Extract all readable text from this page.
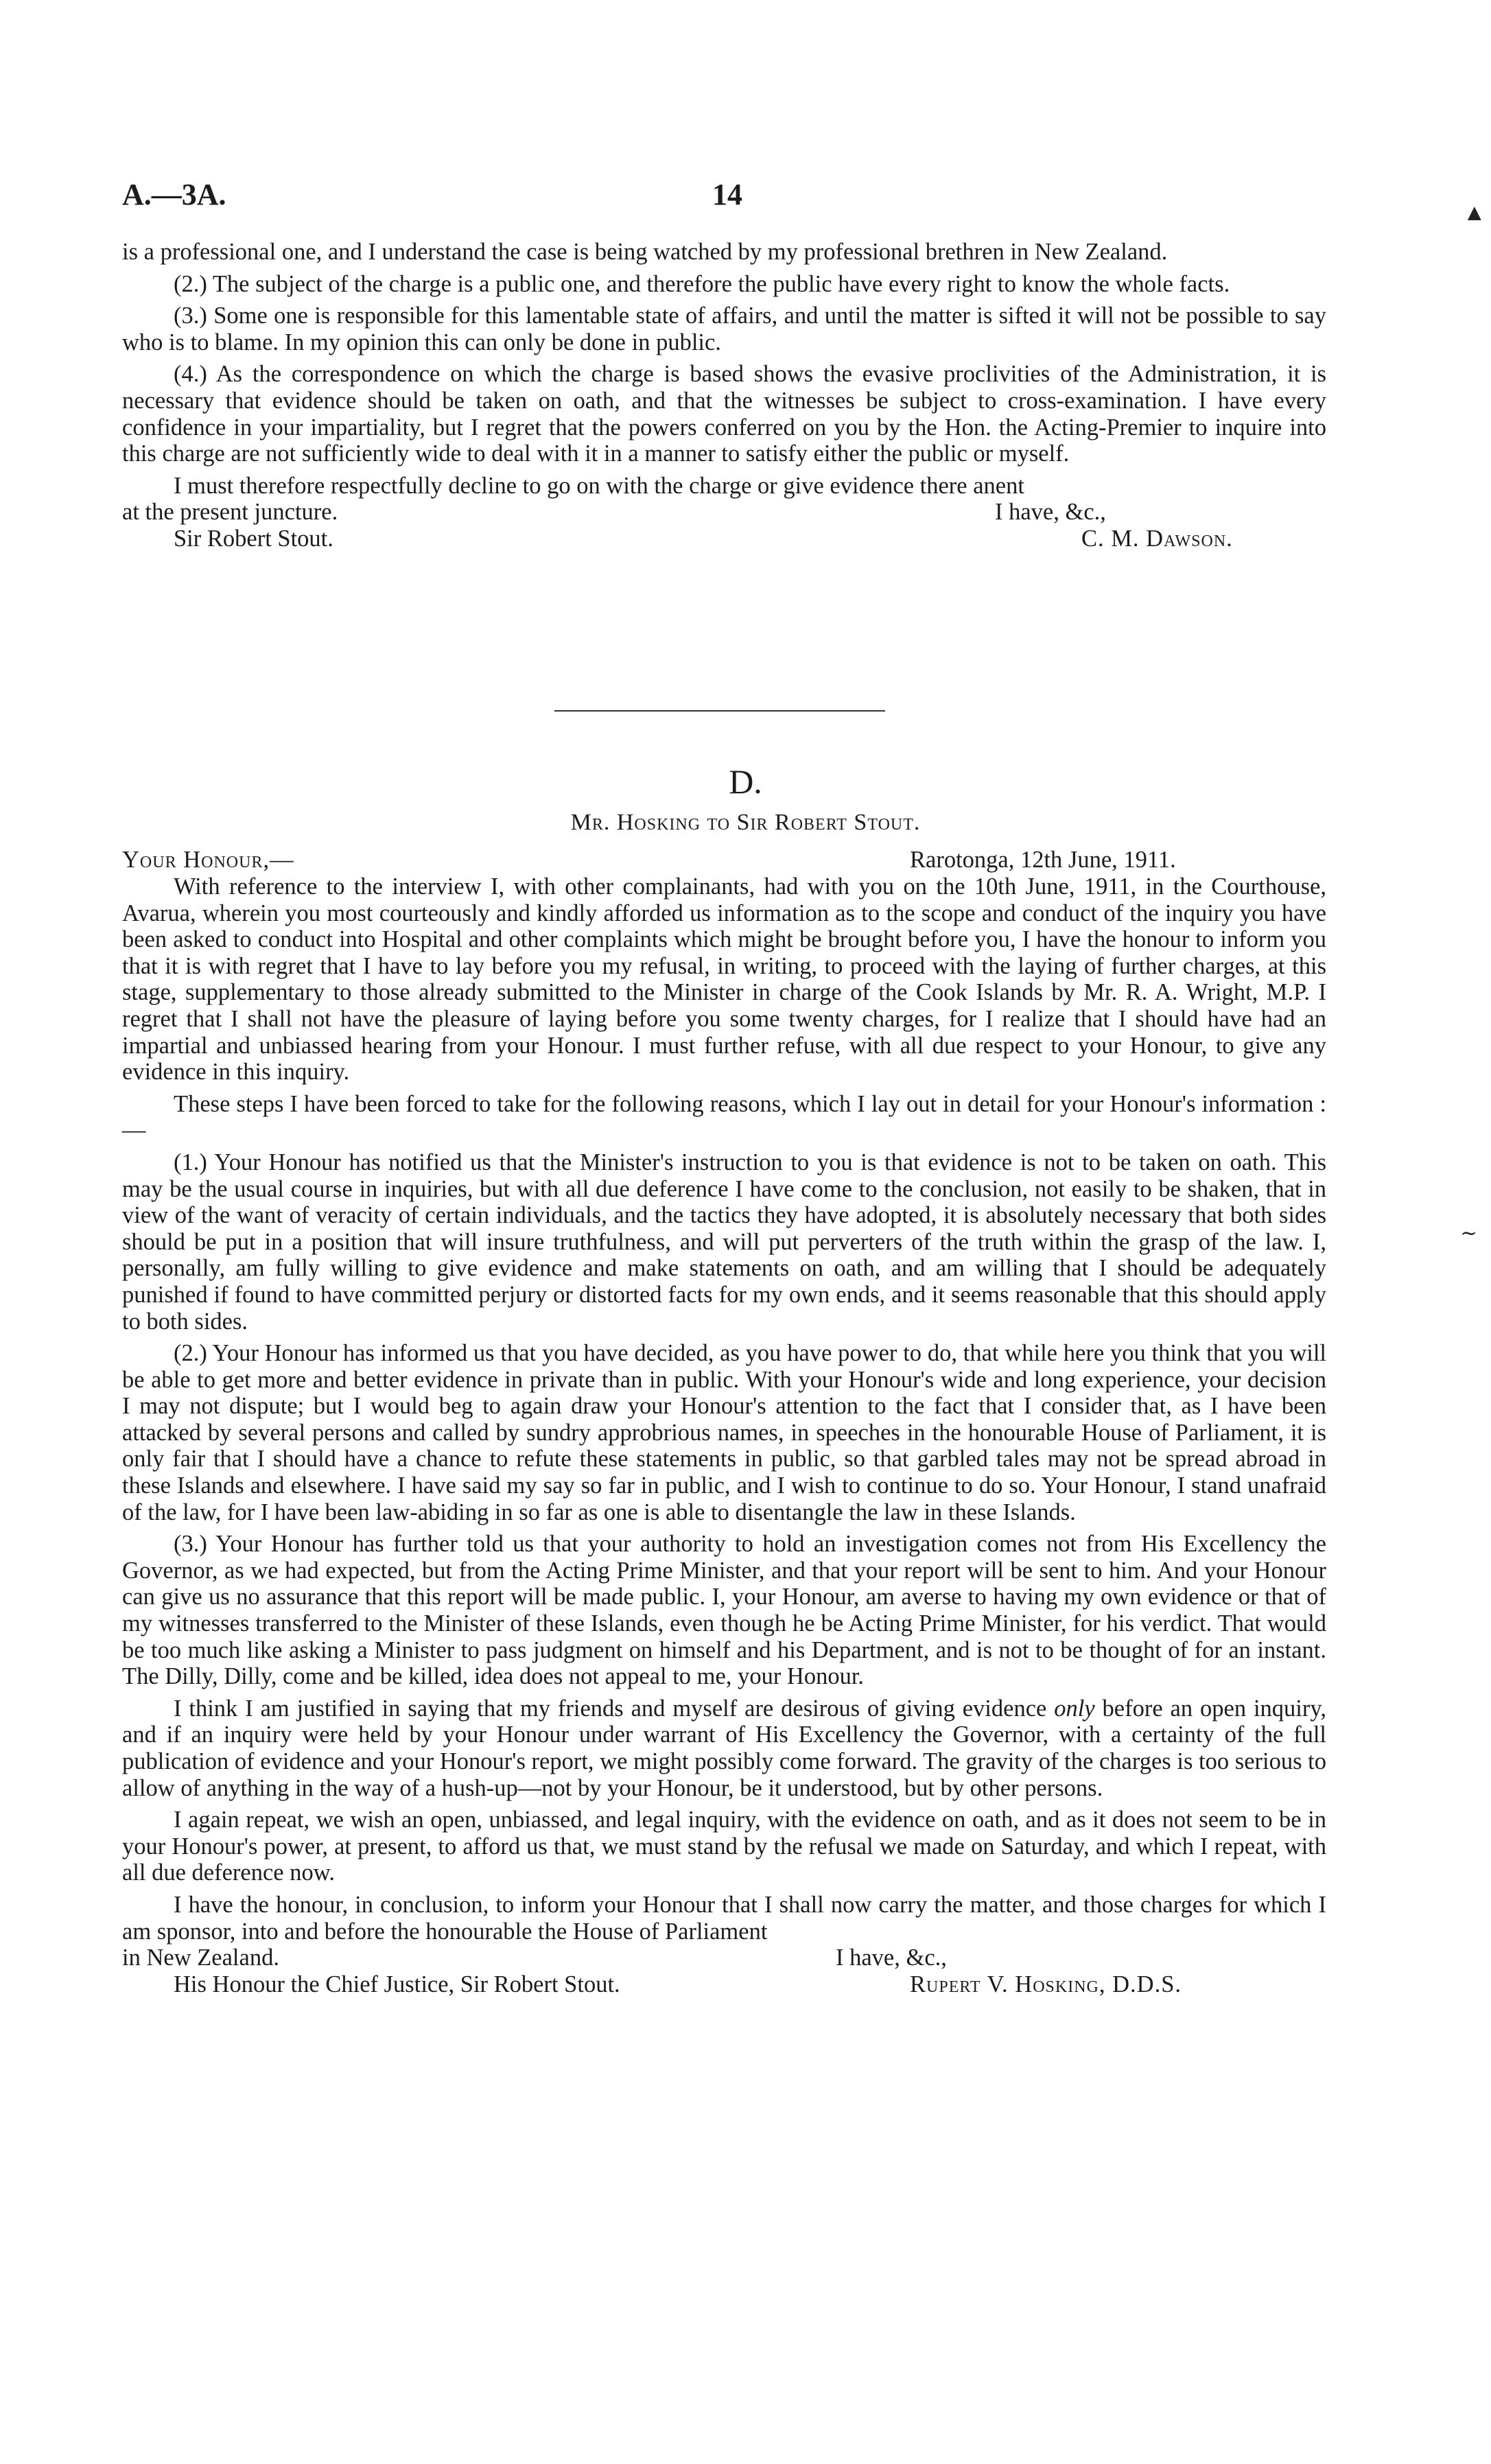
A.—3A.	14
▲
∼

is a professional one, and I understand the case is being watched by my professional brethren in New Zealand.

(2.) The subject of the charge is a public one, and therefore the public have every right to know the whole facts.

(3.) Some one is responsible for this lamentable state of affairs, and until the matter is sifted it will not be possible to say who is to blame. In my opinion this can only be done in public.

(4.) As the correspondence on which the charge is based shows the evasive proclivities of the Administration, it is necessary that evidence should be taken on oath, and that the witnesses be subject to cross-examination. I have every confidence in your impartiality, but I regret that the powers conferred on you by the Hon. the Acting-Premier to inquire into this charge are not sufficiently wide to deal with it in a manner to satisfy either the public or myself.

I must therefore respectfully decline to go on with the charge or give evidence there anent

at the present juncture.	I have, &c.,
Sir Robert Stout.	C. M. Dawson.
D.
Mr. Hosking to Sir Robert Stout.
Your Honour,—	Rarotonga, 12th June, 1911.

With reference to the interview I, with other complainants, had with you on the 10th June, 1911, in the Courthouse, Avarua, wherein you most courteously and kindly afforded us information as to the scope and conduct of the inquiry you have been asked to conduct into Hospital and other complaints which might be brought before you, I have the honour to inform you that it is with regret that I have to lay before you my refusal, in writing, to proceed with the laying of further charges, at this stage, supplementary to those already submitted to the Minister in charge of the Cook Islands by Mr. R. A. Wright, M.P. I regret that I shall not have the pleasure of laying before you some twenty charges, for I realize that I should have had an impartial and unbiassed hearing from your Honour. I must further refuse, with all due respect to your Honour, to give any evidence in this inquiry.

These steps I have been forced to take for the following reasons, which I lay out in detail for your Honour's information :—

(1.) Your Honour has notified us that the Minister's instruction to you is that evidence is not to be taken on oath. This may be the usual course in inquiries, but with all due deference I have come to the conclusion, not easily to be shaken, that in view of the want of veracity of certain individuals, and the tactics they have adopted, it is absolutely necessary that both sides should be put in a position that will insure truthfulness, and will put perverters of the truth within the grasp of the law. I, personally, am fully willing to give evidence and make statements on oath, and am willing that I should be adequately punished if found to have committed perjury or distorted facts for my own ends, and it seems reasonable that this should apply to both sides.

(2.) Your Honour has informed us that you have decided, as you have power to do, that while here you think that you will be able to get more and better evidence in private than in public. With your Honour's wide and long experience, your decision I may not dispute; but I would beg to again draw your Honour's attention to the fact that I consider that, as I have been attacked by several persons and called by sundry approbrious names, in speeches in the honourable House of Parliament, it is only fair that I should have a chance to refute these statements in public, so that garbled tales may not be spread abroad in these Islands and elsewhere. I have said my say so far in public, and I wish to continue to do so. Your Honour, I stand unafraid of the law, for I have been law-abiding in so far as one is able to disentangle the law in these Islands.

(3.) Your Honour has further told us that your authority to hold an investigation comes not from His Excellency the Governor, as we had expected, but from the Acting Prime Minister, and that your report will be sent to him. And your Honour can give us no assurance that this report will be made public. I, your Honour, am averse to having my own evidence or that of my witnesses transferred to the Minister of these Islands, even though he be Acting Prime Minister, for his verdict. That would be too much like asking a Minister to pass judgment on himself and his Department, and is not to be thought of for an instant. The Dilly, Dilly, come and be killed, idea does not appeal to me, your Honour.

I think I am justified in saying that my friends and myself are desirous of giving evidence only before an open inquiry, and if an inquiry were held by your Honour under warrant of His Excellency the Governor, with a certainty of the full publication of evidence and your Honour's report, we might possibly come forward. The gravity of the charges is too serious to allow of anything in the way of a hush-up—not by your Honour, be it understood, but by other persons.

I again repeat, we wish an open, unbiassed, and legal inquiry, with the evidence on oath, and as it does not seem to be in your Honour's power, at present, to afford us that, we must stand by the refusal we made on Saturday, and which I repeat, with all due deference now.

I have the honour, in conclusion, to inform your Honour that I shall now carry the matter, and those charges for which I am sponsor, into and before the honourable the House of Parliament

in New Zealand.	I have, &c.,
His Honour the Chief Justice, Sir Robert Stout.	Rupert V. Hosking, D.D.S.
